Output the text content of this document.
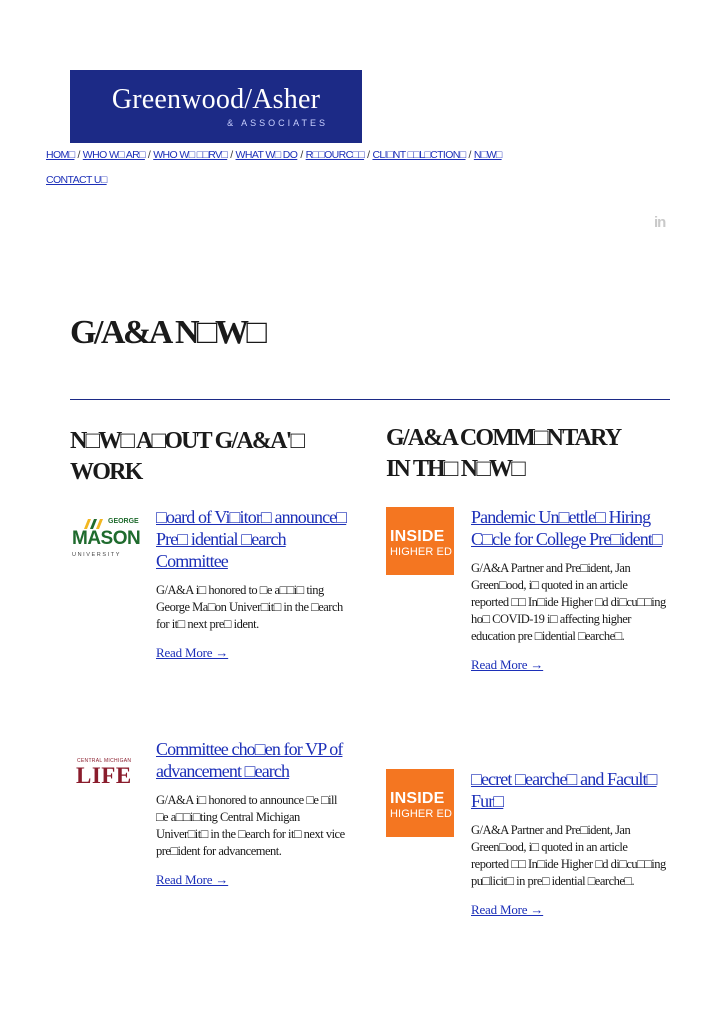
Greenwood/Asher
& ASSOCIATES
HOM□ / WHO W□ AR□ / WHO W□ □□RV□ / WHAT W□ DO / R□□OURC□□ / CLI□NT □□L□CTION□ / N□W□
CONTACT U□
in
G/A&A N□W□
N□W□ A□OUT G/A&A'□
WORK
G/A&A COMM□NTARY
IN TH□ N□W□
GEORGE
MASON
UNIVERSITY
CENTRAL MICHIGAN
LIFE
INSIDE
HIGHER ED
INSIDE
HIGHER ED
□oard of Vi□itor□ announce□ Pre□ idential □earch Committee

G/A&A i□ honored to □e a□□i□ ting George Ma□on Univer□it□ in the □earch for it□ next pre□ ident.

Read More →
Committee cho□en for VP of advancement □earch

G/A&A i□ honored to announce □e □ill □e a□□i□ting Central Michigan Univer□it□ in the □earch for it□ next vice pre□ident for advancement.

Read More →
Pandemic Un□ettle□ Hiring C□cle for College Pre□ident□

G/A&A Partner and Pre□ident, Jan Green□ood, i□ quoted in an article reported □□ In□ide Higher □d di□cu□□ing ho□ COVID-19 i□ affecting higher education pre □idential □earche□.

Read More →
□ecret □earche□ and Facult□ Fur□

G/A&A Partner and Pre□ident, Jan Green□ood, i□ quoted in an article reported □□ In□ide Higher □d di□cu□□ing pu□licit□ in pre□ idential □earche□.

Read More →
